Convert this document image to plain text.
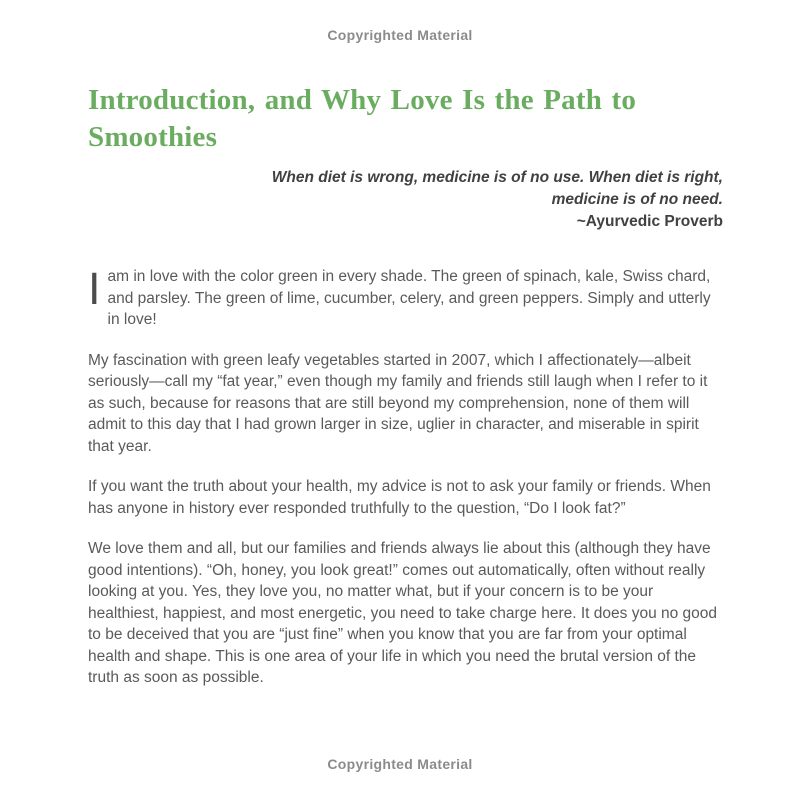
Copyrighted Material
Introduction, and Why Love Is the Path to
Smoothies
When diet is wrong, medicine is of no use. When diet is right,
medicine is of no need.
~Ayurvedic Proverb

Iam in love with the color green in every shade. The green of spinach, kale, Swiss chard, and parsley. The green of lime, cucumber, celery, and green peppers. Simply and utterly in love!

My fascination with green leafy vegetables started in 2007, which I affectionately—albeit seriously—call my “fat year,” even though my family and friends still laugh when I refer to it as such, because for reasons that are still beyond my comprehension, none of them will admit to this day that I had grown larger in size, uglier in character, and miserable in spirit that year.

If you want the truth about your health, my advice is not to ask your family or friends. When has anyone in history ever responded truthfully to the question, “Do I look fat?”

We love them and all, but our families and friends always lie about this (although they have good intentions). “Oh, honey, you look great!” comes out automatically, often without really looking at you. Yes, they love you, no matter what, but if your concern is to be your healthiest, happiest, and most energetic, you need to take charge here. It does you no good to be deceived that you are “just fine” when you know that you are far from your optimal health and shape. This is one area of your life in which you need the brutal version of the truth as soon as possible.

Copyrighted Material
